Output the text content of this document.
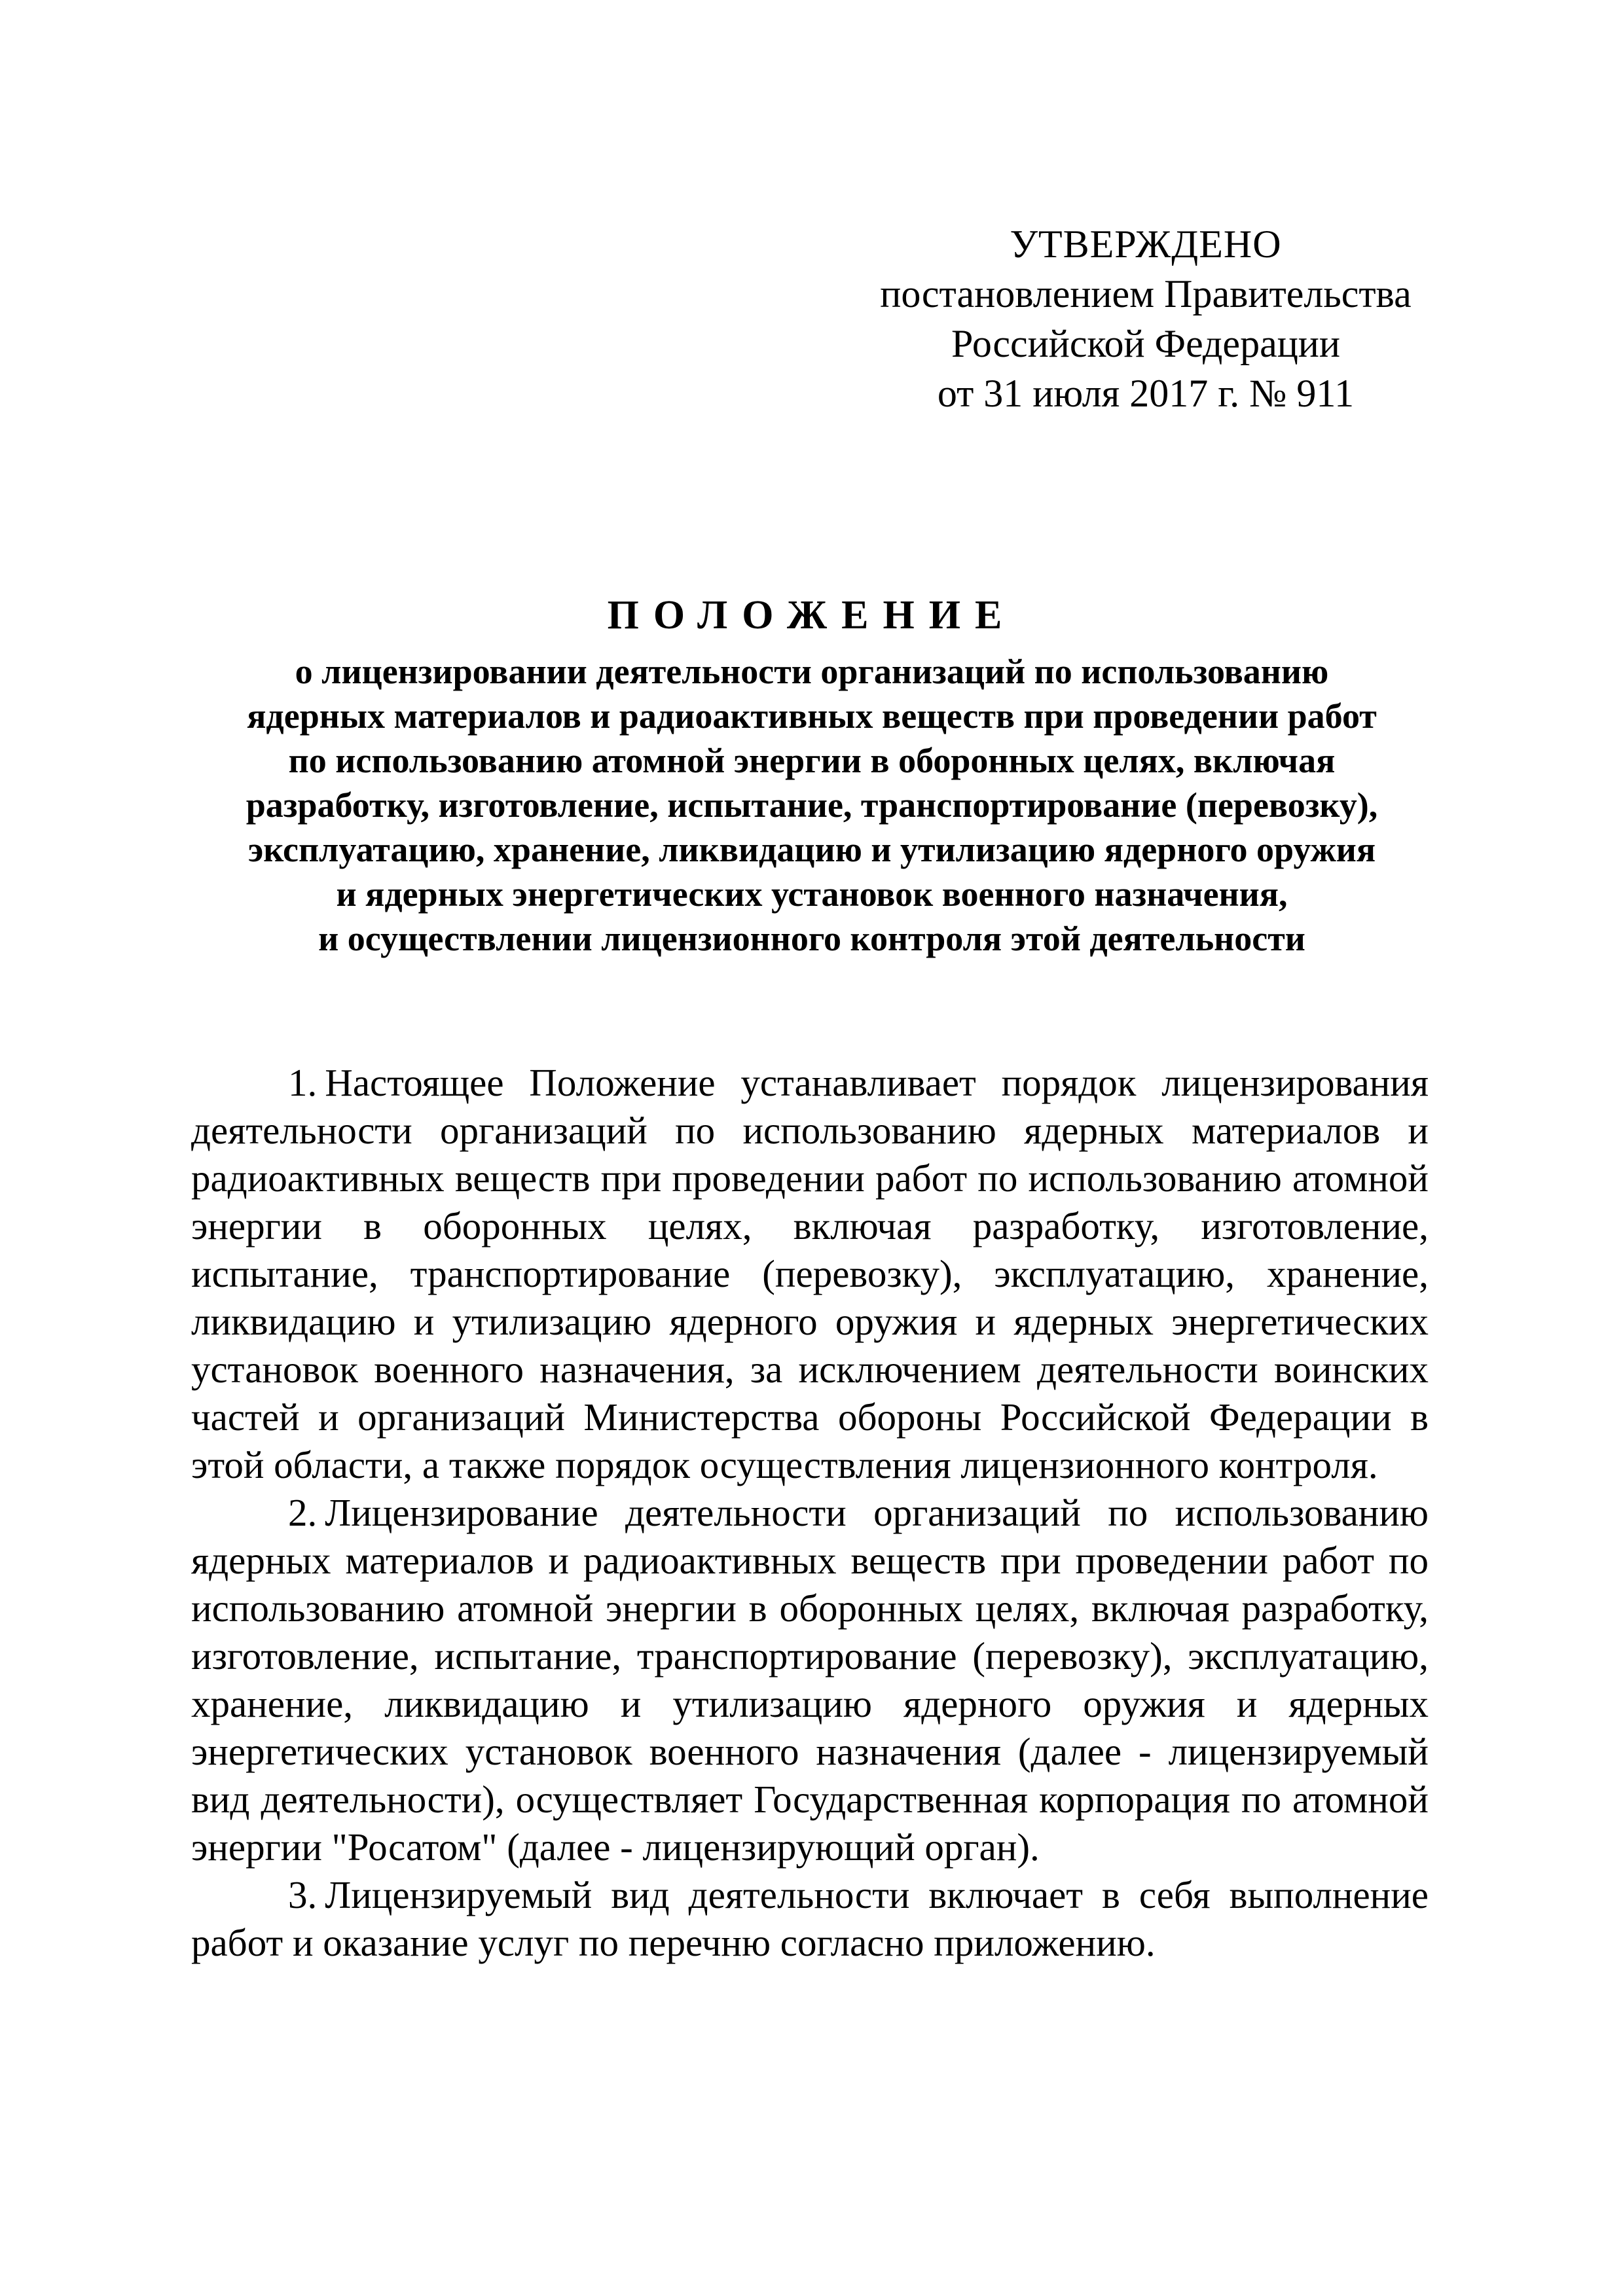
УТВЕРЖДЕНО
постановлением Правительства
Российской Федерации
от 31 июля 2017 г. № 911
ПОЛОЖЕНИЕ
о лицензировании деятельности организаций по использованию
ядерных материалов и радиоактивных веществ при проведении работ
по использованию атомной энергии в оборонных целях, включая
разработку, изготовление, испытание, транспортирование (перевозку),
эксплуатацию, хранение, ликвидацию и утилизацию ядерного оружия
и ядерных энергетических установок военного назначения,
и осуществлении лицензионного контроля этой деятельности

1. Настоящее Положение устанавливает порядок лицензирования деятельности организаций по использованию ядерных материалов и радиоактивных веществ при проведении работ по использованию атомной энергии в оборонных целях, включая разработку, изготовление, испытание, транспортирование (перевозку), эксплуатацию, хранение, ликвидацию и утилизацию ядерного оружия и ядерных энергетических установок военного назначения, за исключением деятельности воинских частей и организаций Министерства обороны Российской Федерации в этой области, а также порядок осуществления лицензионного контроля.

2. Лицензирование деятельности организаций по использованию ядерных материалов и радиоактивных веществ при проведении работ по использованию атомной энергии в оборонных целях, включая разработку, изготовление, испытание, транспортирование (перевозку), эксплуатацию, хранение, ликвидацию и утилизацию ядерного оружия и ядерных энергетических установок военного назначения (далее - лицензируемый вид деятельности), осуществляет Государственная корпорация по атомной энергии "Росатом" (далее - лицензирующий орган).

3. Лицензируемый вид деятельности включает в себя выполнение работ и оказание услуг по перечню согласно приложению.
